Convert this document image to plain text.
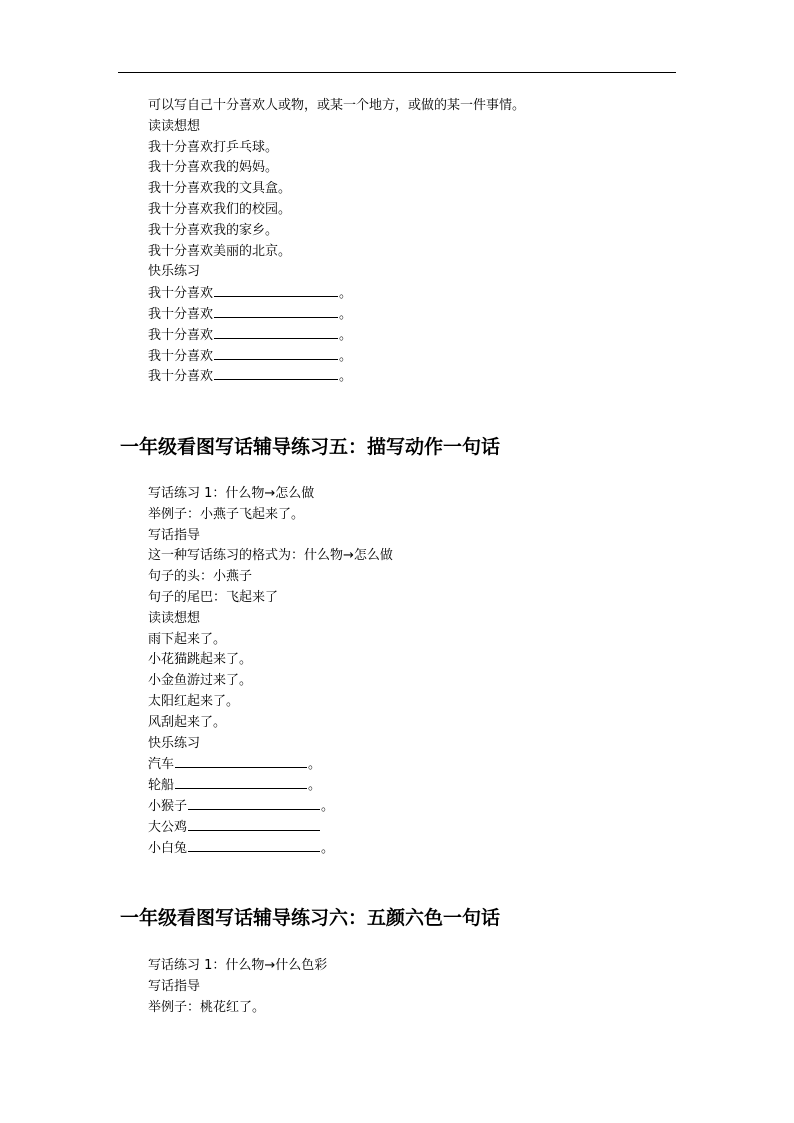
可以写自己十分喜欢人或物，或某一个地方，或做的某一件事情。
读读想想
我十分喜欢打乒乓球。
我十分喜欢我的妈妈。
我十分喜欢我的文具盒。
我十分喜欢我们的校园。
我十分喜欢我的家乡。
我十分喜欢美丽的北京。
快乐练习
我十分喜欢	。
我十分喜欢	。
我十分喜欢	。
我十分喜欢	。
我十分喜欢	。
一年级看图写话辅导练习五：描写动作一句话
写话练习 1：什么物→怎么做
举例子：小燕子飞起来了。
写话指导
这一种写话练习的格式为：什么物→怎么做
句子的头：小燕子
句子的尾巴：飞起来了
读读想想
雨下起来了。
小花猫跳起来了。
小金鱼游过来了。
太阳红起来了。
风刮起来了。
快乐练习
汽车	。
轮船	。
小猴子	。
大公鸡
小白兔	。
一年级看图写话辅导练习六：五颜六色一句话
写话练习 1：什么物→什么色彩
写话指导
举例子：桃花红了。
